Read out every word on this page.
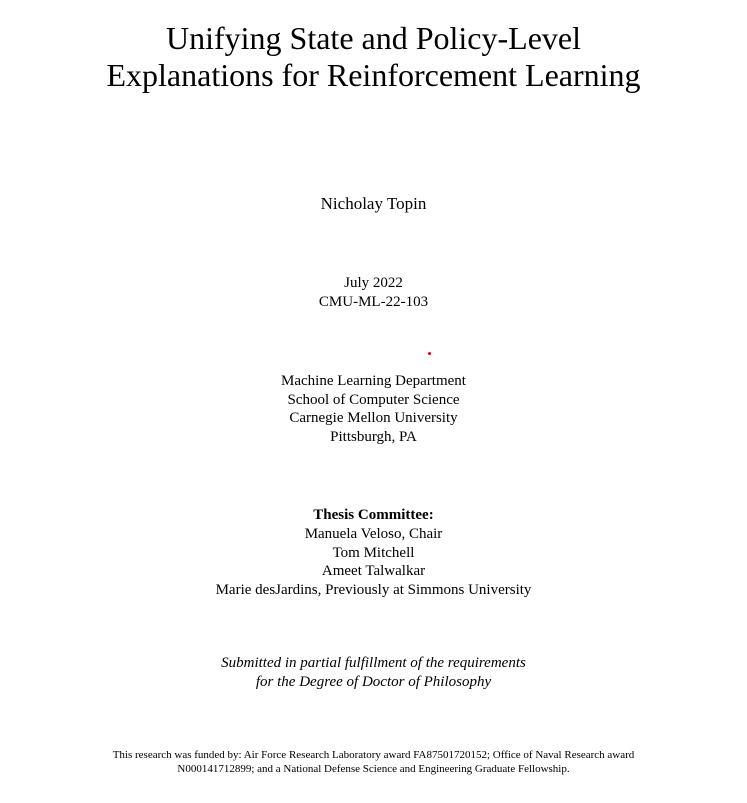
Unifying State and Policy-Level
Explanations for Reinforcement Learning
Nicholay Topin
July 2022
CMU-ML-22-103
Machine Learning Department
School of Computer Science
Carnegie Mellon University
Pittsburgh, PA
Thesis Committee:
Manuela Veloso, Chair
Tom Mitchell
Ameet Talwalkar
Marie desJardins, Previously at Simmons University
Submitted in partial fulfillment of the requirements
for the Degree of Doctor of Philosophy
This research was funded by: Air Force Research Laboratory award FA87501720152; Office of Naval Research award
N000141712899; and a National Defense Science and Engineering Graduate Fellowship.
